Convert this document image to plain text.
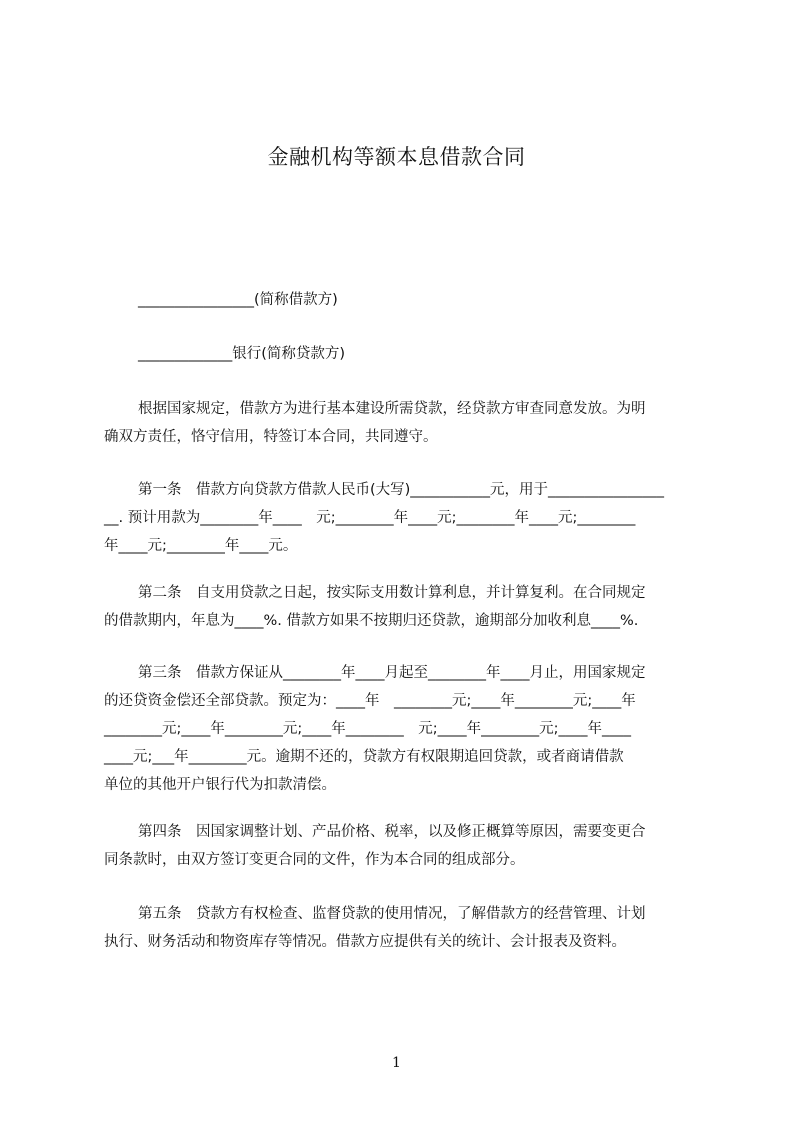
金融机构等额本息借款合同
________________(简称借款方)
_____________银行(简称贷款方)

根据国家规定，借款方为进行基本建设所需贷款，经贷款方审查同意发放。为明
确双方责任，恪守信用，特签订本合同，共同遵守。

第一条　借款方向贷款方借款人民币(大写)___________元，用于________________
__. 预计用款为________年____　元;________年____元;________年____元;________
年____元;________年____元。

第二条　自支用贷款之日起，按实际支用数计算利息，并计算复利。在合同规定
的借款期内，年息为____%. 借款方如果不按期归还贷款，逾期部分加收利息____%.

第三条　借款方保证从________年____月起至________年____月止，用国家规定
的还贷资金偿还全部贷款。预定为：____年　________元;____年________元;____年
________元;____年________元;____年________　元;____年________元;____年____
____元;___年________元。逾期不还的，贷款方有权限期追回贷款，或者商请借款
单位的其他开户银行代为扣款清偿。

第四条　因国家调整计划、产品价格、税率，以及修正概算等原因，需要变更合
同条款时，由双方签订变更合同的文件，作为本合同的组成部分。

第五条　贷款方有权检查、监督贷款的使用情况，了解借款方的经营管理、计划
执行、财务活动和物资库存等情况。借款方应提供有关的统计、会计报表及资料。

1
